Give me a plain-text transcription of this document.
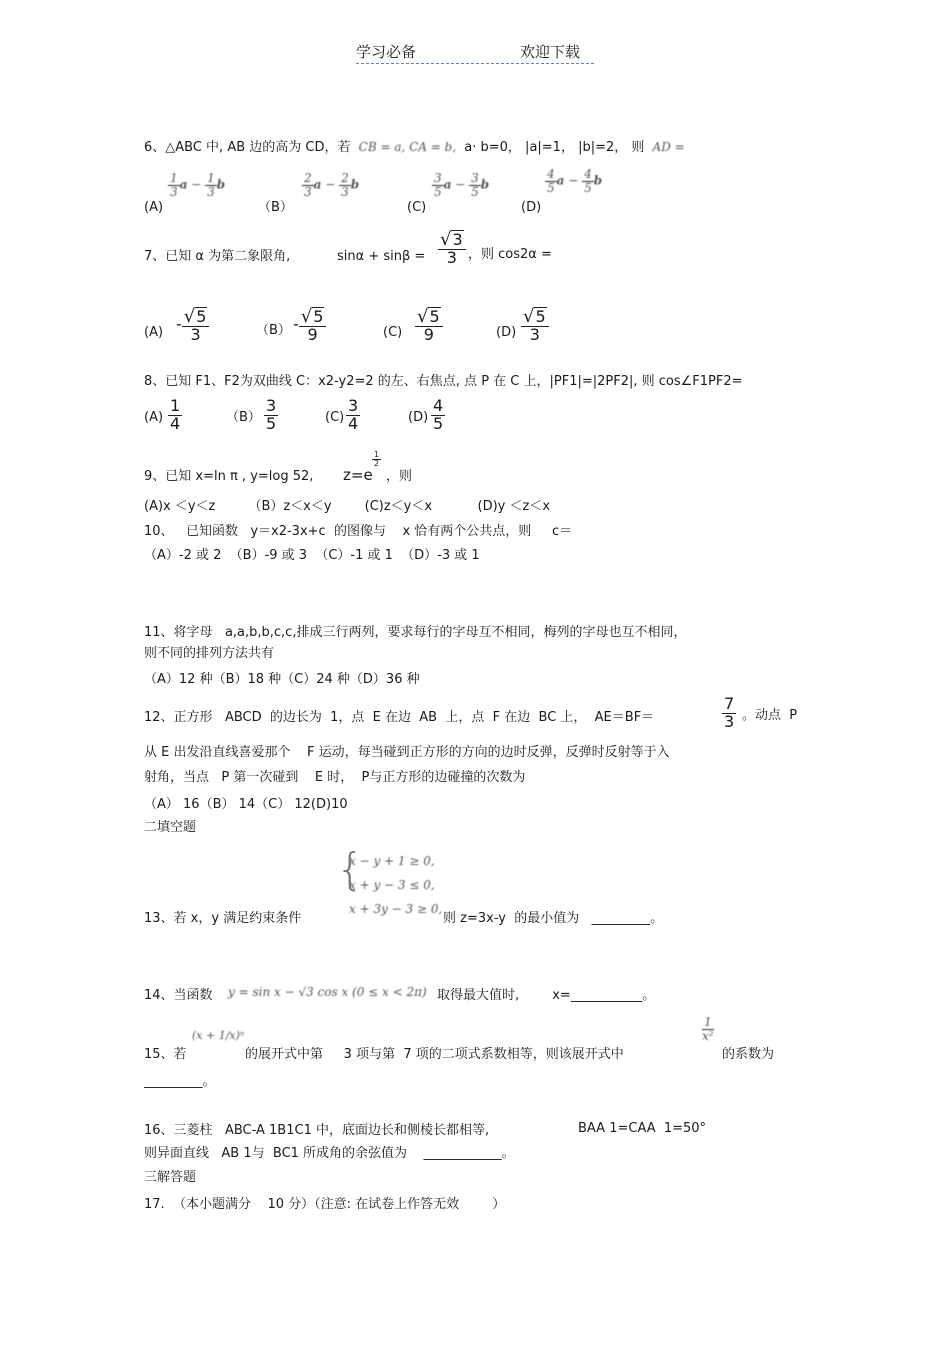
学习必备	欢迎下载
6、△ABC 中, AB 边的高为 CD，若 CB = a, CA = b, a· b=0， |a|=1， |b|=2， 则 AD =
(A)
$\frac{1}{3}$ $a - \frac{1}{3}$ b
（B）
$\frac{2}{3}$ $a - \frac{2}{3}$ b
(C)
$\frac{3}{5}$ $a - \frac{3}{5}$ b
(D)
$\frac{4}{5}$ $a - \frac{4}{5}$ b
7、已知 α 为第二象限角,	$\sin\alpha + \sin\beta = \frac{√ 3}{3}$ ，则 cos2α =
$(A) - \frac{√ 5}{3}$	$(B) - \frac{√ 5}{9}$	$(C) \frac{√ 5}{9}$	$(D) \frac{√ 5}{3}$
8、已知 F1、F2为双曲线 C：x2-y2=2 的左、右焦点, 点 P 在 C 上，|PF1|=|2PF2|, 则 cos∠F1PF2=
$(A) \frac{1}{4}$	$(B) \frac{3}{5}$	$(C) \frac{3}{4}$	$(D) \frac{4}{5}$
9、已知 x=ln π , y=log 52, z=e
$\frac{1}{2}$
，则
(A)x ＜y＜z        （B）z＜x＜y        (C)z＜y＜x           (D)y ＜z＜x
10、   已知函数   y＝x2-3x+c  的图像与    x 恰有两个公共点，则     c＝
（A）-2 或 2  （B）-9 或 3  （C）-1 或 1  （D）-3 或 1
11、将字母   a,a,b,b,c,c,排成三行两列，要求每行的字母互不相同，梅列的字母也互不相同，
则不同的排列方法共有
（A）12 种（B）18 种（C）24 种（D）36 种
12、正方形   ABCD  的边长为  1，点  E 在边  AB  上，点  F 在边  BC 上，  AE＝BF＝	$\frac{7}{3}$ 。动点  P
从 E 出发沿直线喜爱那个    F 运动，每当碰到正方形的方向的边时反弹，反弹时反射等于入
射角，当点   P 第一次碰到    E 时，  P与正方形的边碰撞的次数为
（A） 16（B） 14（C） 12(D)10
二填空题
{
x − y + 1 ≥ 0,
x + y − 3 ≤ 0,
x + 3y − 3 ≥ 0,
13、若 x，y 满足约束条件	则 z=3x-y  的最小值为   _________。
14、当函数 y = sin x − √3 cos x (0 ≤ x < 2π) 取得最大值时,        x=___________。
15、若
(x + 1/x)ⁿ
的展开式中第     3 项与第  7 项的二项式系数相等，则该展开式中
$\frac{1}{\text{x²}}$
的系数为
_________。
16、三菱柱   ABC-A 1B1C1 中，底面边长和侧棱长都相等,	BAA 1=CAA  1=50°
则异面直线   AB 1与  BC1 所成角的余弦值为    ____________。
三解答题
17.  （本小题满分    10 分）（注意: 在试卷上作答无效        ）
